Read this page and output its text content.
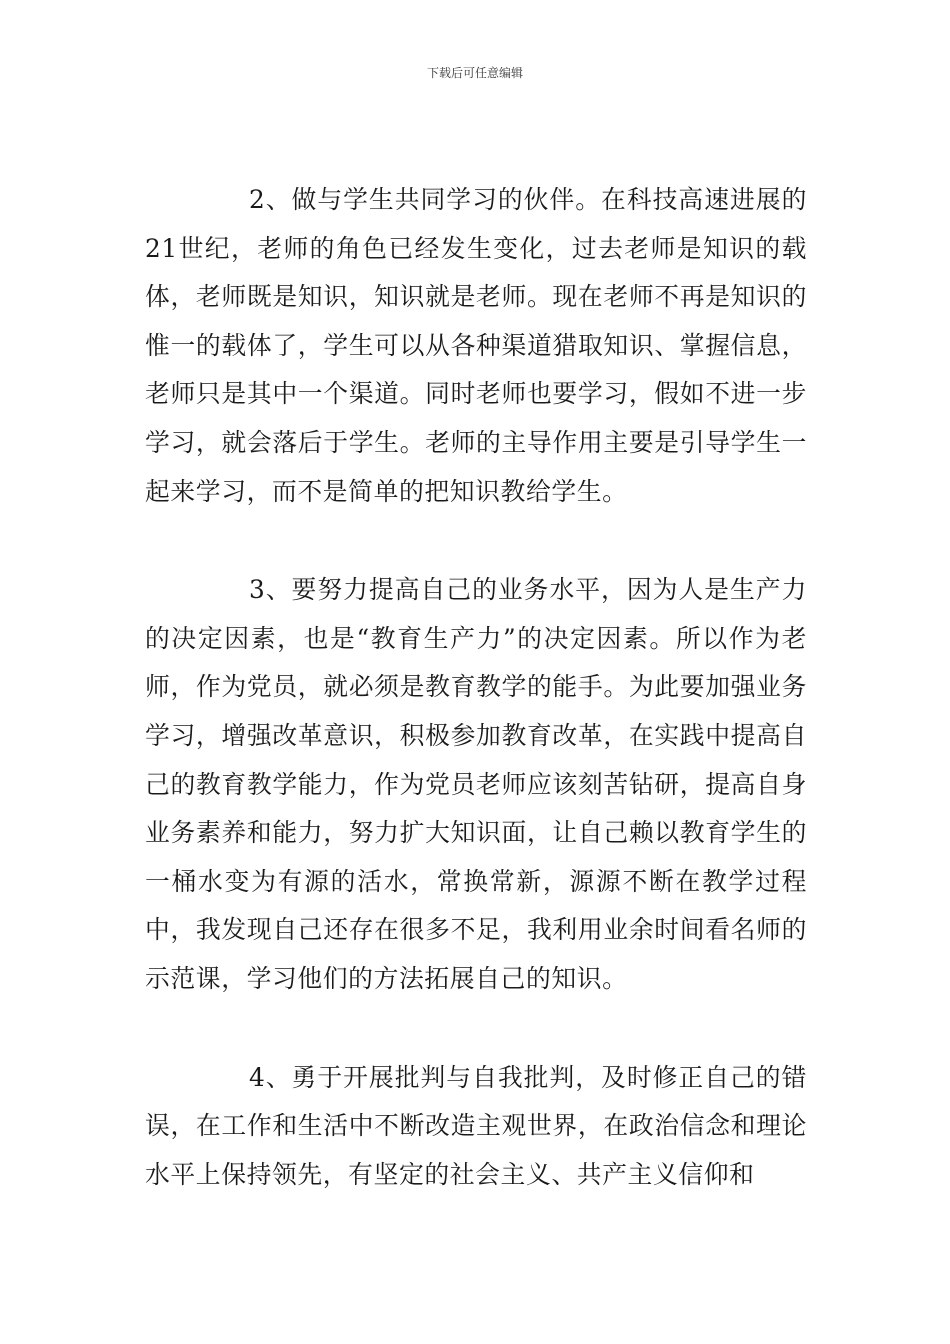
下载后可任意编辑

2、做与学生共同学习的伙伴。在科技高速进展的21世纪，老师的角色已经发生变化，过去老师是知识的载体，老师既是知识，知识就是老师。现在老师不再是知识的惟一的载体了，学生可以从各种渠道猎取知识、掌握信息，老师只是其中一个渠道。同时老师也要学习，假如不进一步学习，就会落后于学生。老师的主导作用主要是引导学生一起来学习，而不是简单的把知识教给学生。

3、要努力提高自己的业务水平，因为人是生产力的决定因素，也是“教育生产力”的决定因素。所以作为老师，作为党员，就必须是教育教学的能手。为此要加强业务学习，增强改革意识，积极参加教育改革，在实践中提高自己的教育教学能力，作为党员老师应该刻苦钻研，提高自身业务素养和能力，努力扩大知识面，让自己赖以教育学生的一桶水变为有源的活水，常换常新，源源不断在教学过程中，我发现自己还存在很多不足，我利用业余时间看名师的示范课，学习他们的方法拓展自己的知识。

4、勇于开展批判与自我批判，及时修正自己的错误，在工作和生活中不断改造主观世界，在政治信念和理论水平上保持领先，有坚定的社会主义、共产主义信仰和
